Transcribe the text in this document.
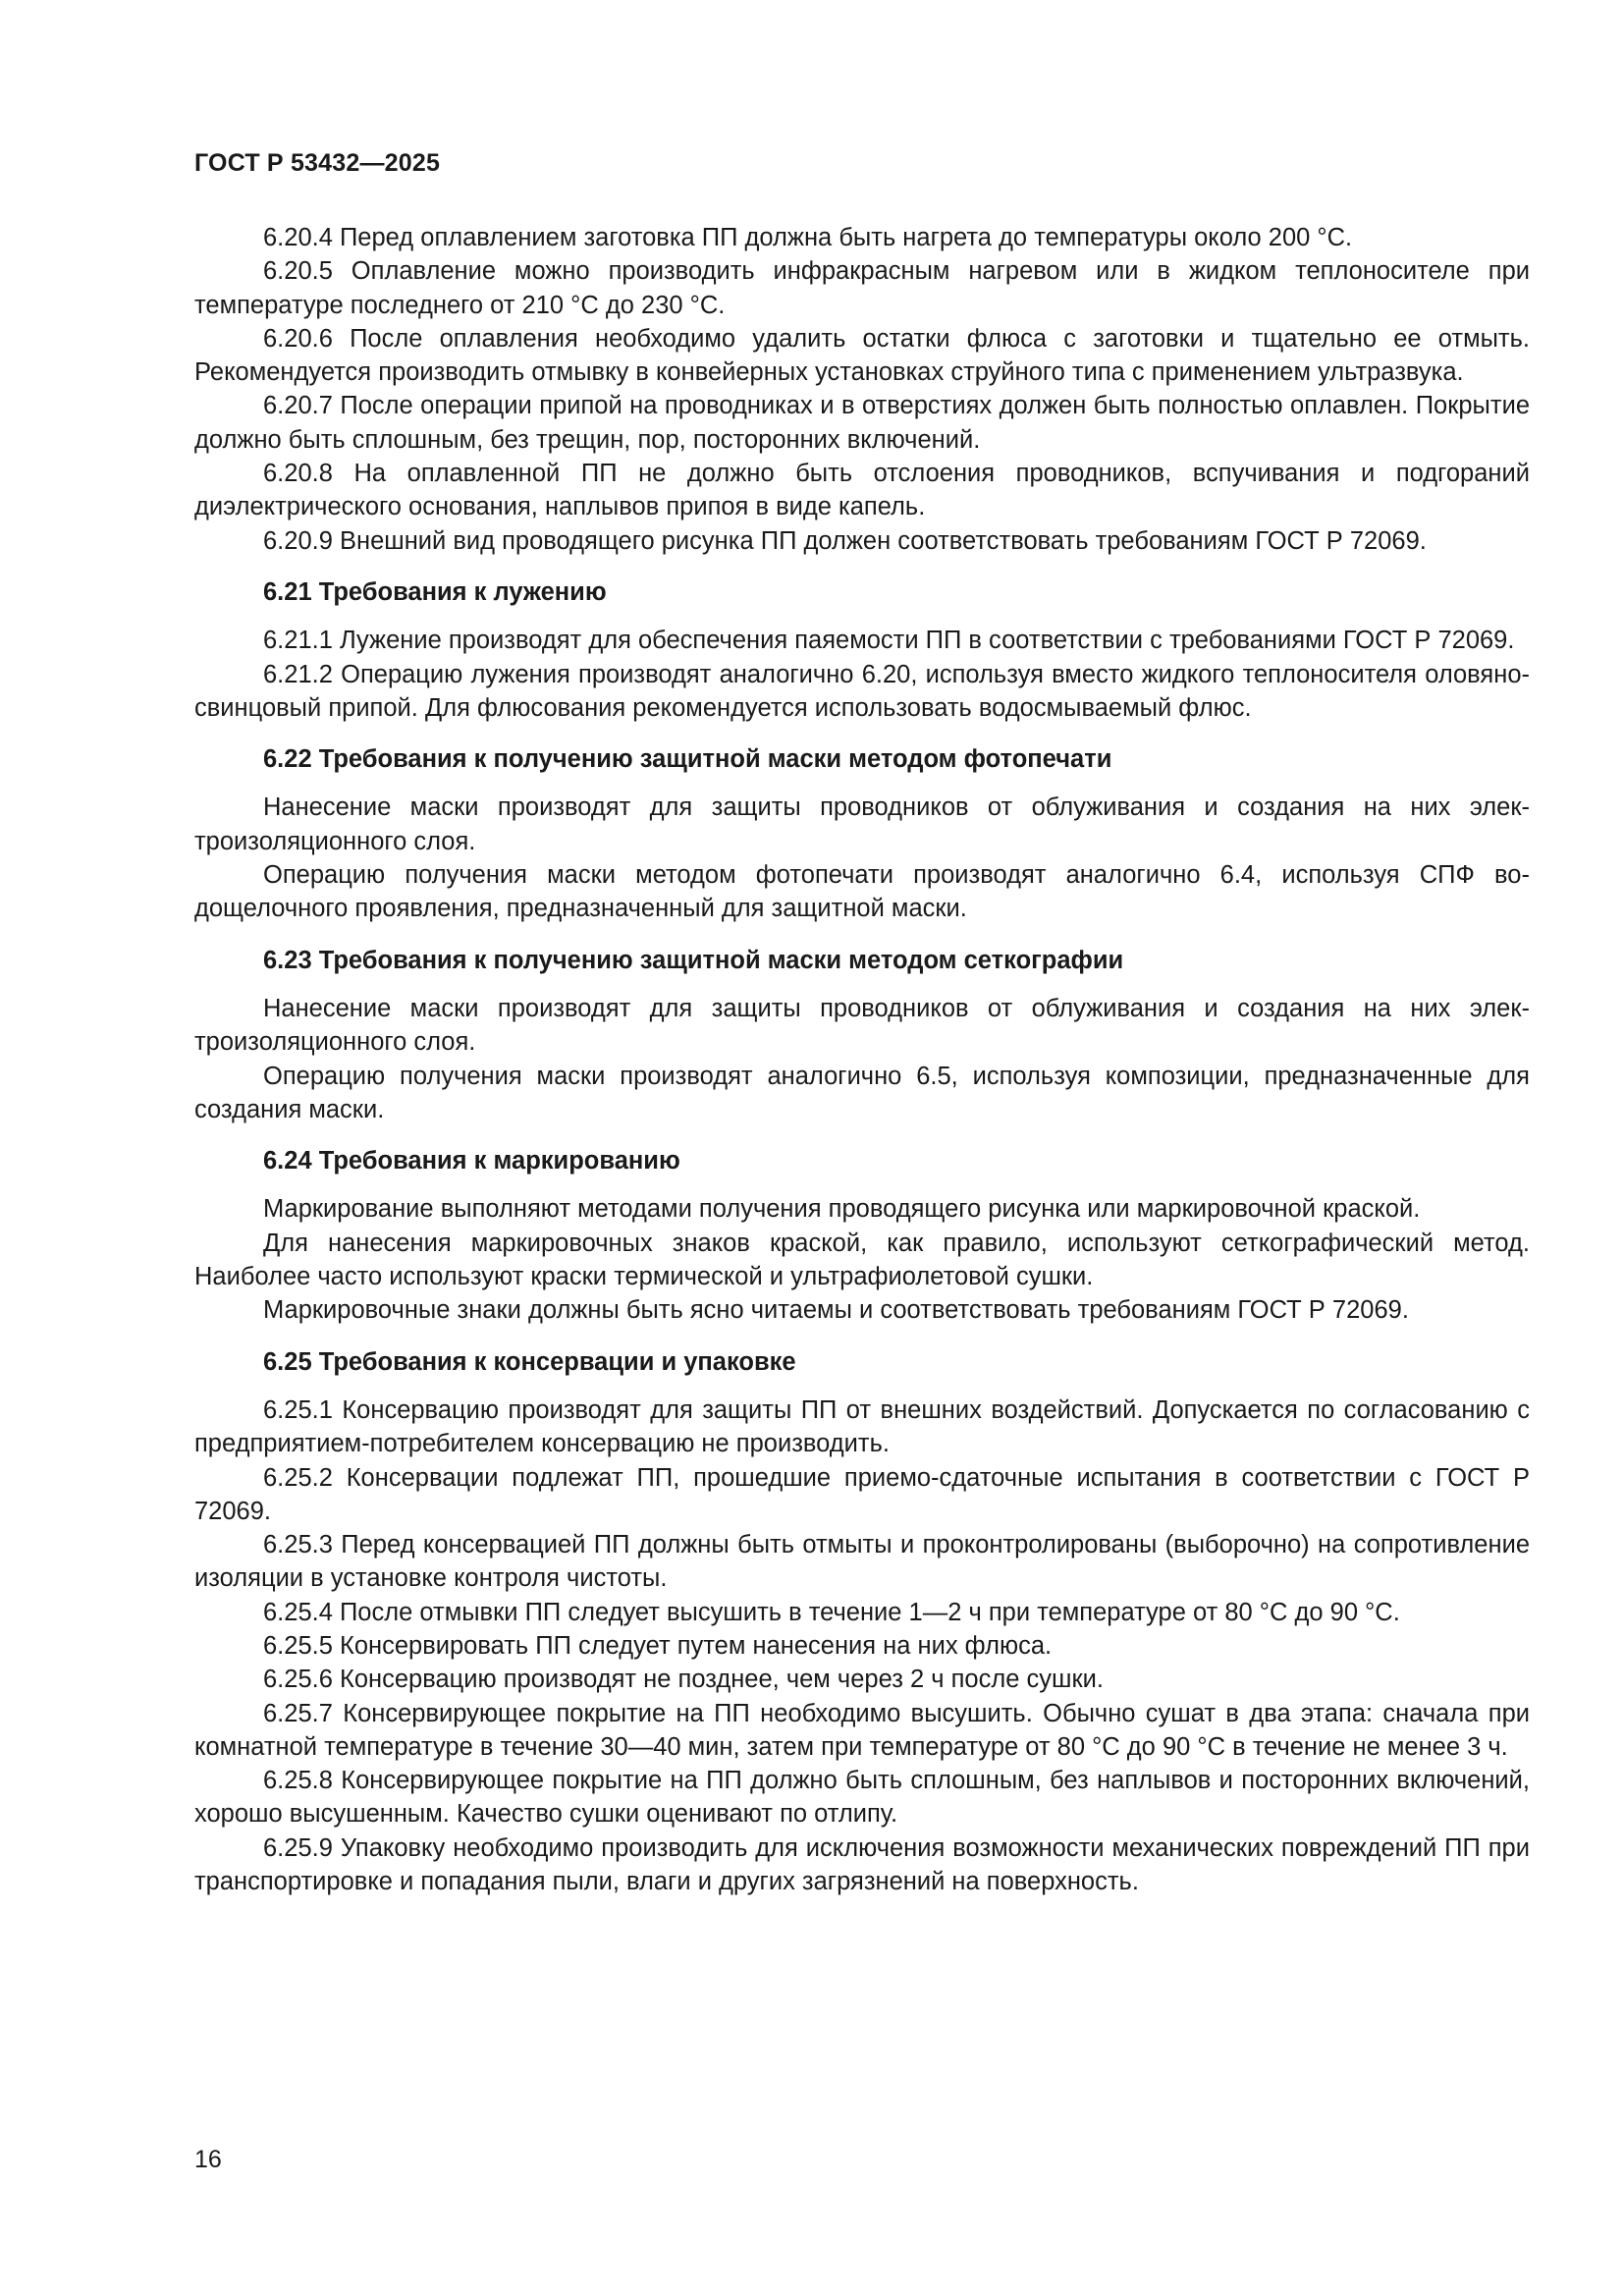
ГОСТ Р 53432—2025

6.20.4 Перед оплавлением заготовка ПП должна быть нагрета до температуры около 200 °С.

6.20.5 Оплавление можно производить инфракрасным нагревом или в жидком теплоносителе при температуре последнего от 210 °С до 230 °С.

6.20.6 После оплавления необходимо удалить остатки флюса с заготовки и тщательно ее отмыть. Рекомендуется производить отмывку в конвейерных установках струйного типа с применением ультразвука.

6.20.7 После операции припой на проводниках и в отверстиях должен быть полностью оплавлен. Покрытие должно быть сплошным, без трещин, пор, посторонних включений.

6.20.8 На оплавленной ПП не должно быть отслоения проводников, вспучивания и подгораний диэлектрического основания, наплывов припоя в виде капель.

6.20.9 Внешний вид проводящего рисунка ПП должен соответствовать требованиям ГОСТ Р 72069.

6.21 Требования к лужению

6.21.1 Лужение производят для обеспечения паяемости ПП в соответствии с требованиями ГОСТ Р 72069.

6.21.2 Операцию лужения производят аналогично 6.20, используя вместо жидкого теплоносителя оловяно-свинцовый припой. Для флюсования рекомендуется использовать водосмываемый флюс.

6.22 Требования к получению защитной маски методом фотопечати

Нанесение маски производят для защиты проводников от облуживания и создания на них электроизоляционного слоя.

Операцию получения маски методом фотопечати производят аналогично 6.4, используя СПФ водощелочного проявления, предназначенный для защитной маски.

6.23 Требования к получению защитной маски методом сеткографии

Нанесение маски производят для защиты проводников от облуживания и создания на них электроизоляционного слоя.

Операцию получения маски производят аналогично 6.5, используя композиции, предназначенные для создания маски.

6.24 Требования к маркированию

Маркирование выполняют методами получения проводящего рисунка или маркировочной краской.

Для нанесения маркировочных знаков краской, как правило, используют сеткографический метод. Наиболее часто используют краски термической и ультрафиолетовой сушки.

Маркировочные знаки должны быть ясно читаемы и соответствовать требованиям ГОСТ Р 72069.

6.25 Требования к консервации и упаковке

6.25.1 Консервацию производят для защиты ПП от внешних воздействий. Допускается по согласованию с предприятием-потребителем консервацию не производить.

6.25.2 Консервации подлежат ПП, прошедшие приемо-сдаточные испытания в соответствии с ГОСТ Р 72069.

6.25.3 Перед консервацией ПП должны быть отмыты и проконтролированы (выборочно) на сопротивление изоляции в установке контроля чистоты.

6.25.4 После отмывки ПП следует высушить в течение 1—2 ч при температуре от 80 °С до 90 °С.

6.25.5 Консервировать ПП следует путем нанесения на них флюса.

6.25.6 Консервацию производят не позднее, чем через 2 ч после сушки.

6.25.7 Консервирующее покрытие на ПП необходимо высушить. Обычно сушат в два этапа: сначала при комнатной температуре в течение 30—40 мин, затем при температуре от 80 °С до 90 °С в течение не менее 3 ч.

6.25.8 Консервирующее покрытие на ПП должно быть сплошным, без наплывов и посторонних включений, хорошо высушенным. Качество сушки оценивают по отлипу.

6.25.9 Упаковку необходимо производить для исключения возможности механических повреждений ПП при транспортировке и попадания пыли, влаги и других загрязнений на поверхность.

16
